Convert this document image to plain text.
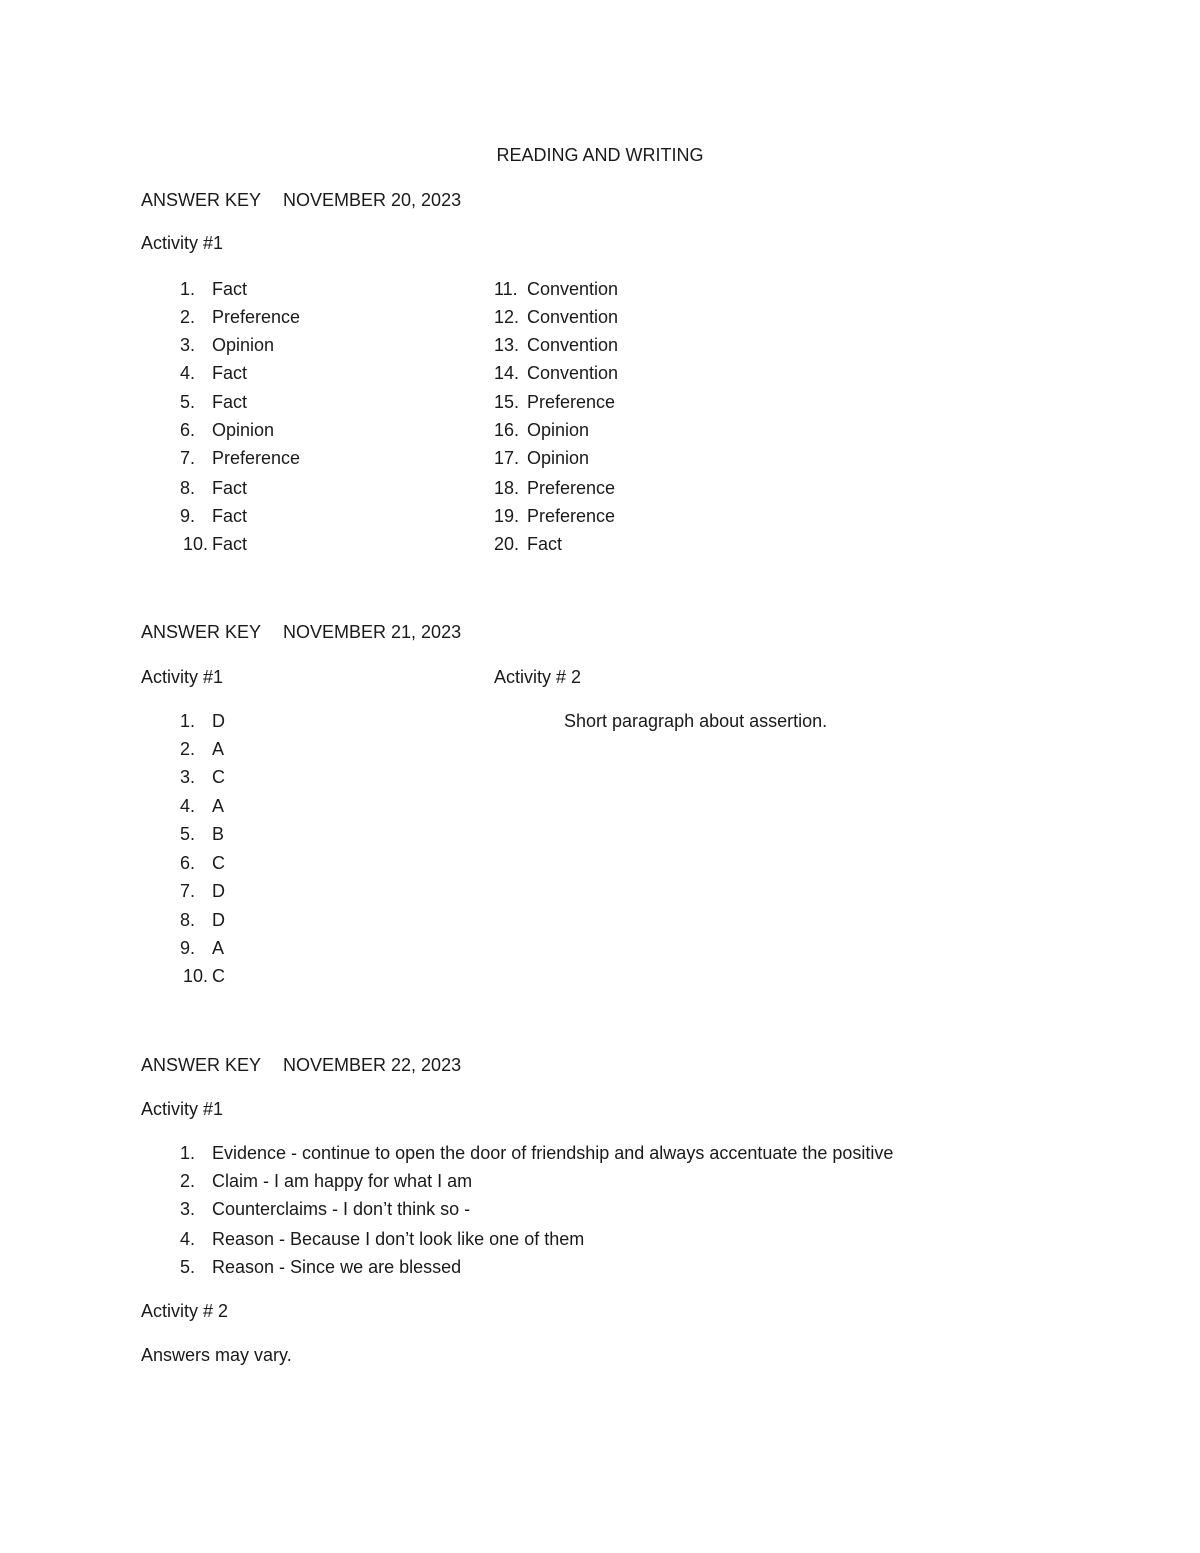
READING AND WRITING
ANSWER KEY NOVEMBER 20, 2023
Activity #1
1. Fact
2. Preference
3. Opinion
4. Fact
5. Fact
6. Opinion
7. Preference
8. Fact
9. Fact
10. Fact
11. Convention
12. Convention
13. Convention
14. Convention
15. Preference
16. Opinion
17. Opinion
18. Preference
19. Preference
20. Fact
ANSWER KEY NOVEMBER 21, 2023
Activity #1	Activity # 2
Short paragraph about assertion.
1. D
2. A
3. C
4. A
5. B
6. C
7. D
8. D
9. A
10. C
ANSWER KEY NOVEMBER 22, 2023
Activity #1
1. Evidence - continue to open the door of friendship and always accentuate the positive
2. Claim - I am happy for what I am
3. Counterclaims - I don’t think so -
4. Reason - Because I don’t look like one of them
5. Reason - Since we are blessed
Activity # 2
Answers may vary.
